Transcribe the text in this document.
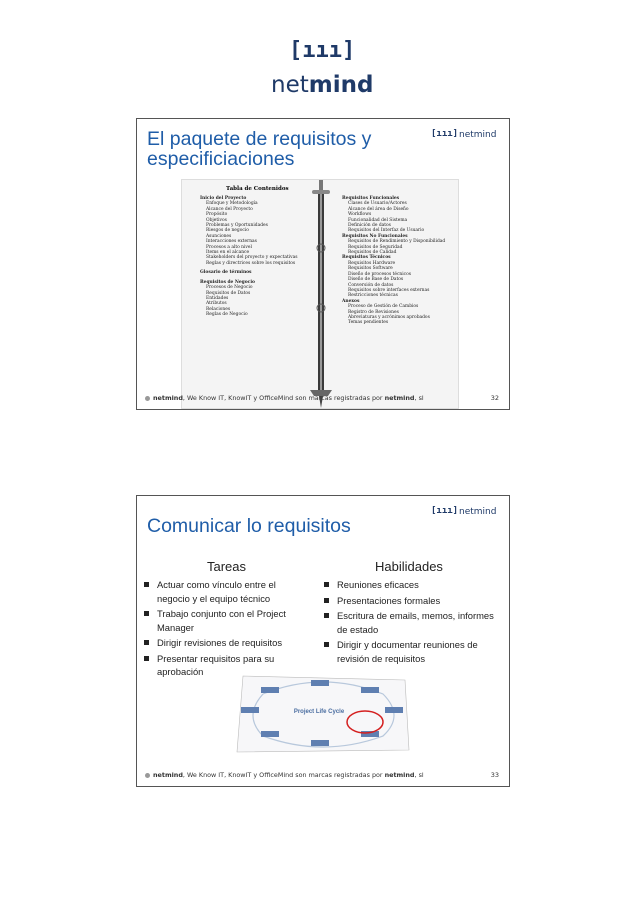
[ııı]
netmind
El paquete de requisitos y
especificiaciones
[ııı] netmind
Tabla de Contenidos
Inicio del Proyecto
Enfoque y Metodología
Alcance del Proyecto
Propósito
Objetivos
Problemas y Oportunidades
Riesgos de negocio
Asunciones
Interacciones externas
Procesos a alto nivel
Items en el alcance
Stakeholders del proyecto y expectativas
Reglas y directrices sobre los requisitos
Glosario de términos
Requisitos de Negocio
Procesos de Negocio
Requisitos de Datos
Entidades
Atributos
Relaciones
Reglas de Negocio
Requisitos Funcionales
Clases de Usuario/Actores
Alcance del área de Diseño
Workflows
Funcionalidad del Sistema
Definición de datos
Requisitos del Interfaz de Usuario
Requisitos No Funcionales
Requisitos de Rendimiento y Disponibilidad
Requisitos de Seguridad
Requisitos de Calidad
Requisitos Técnicos
Requisitos Hardware
Requisitos Software
Diseño de procesos técnicos
Diseño de Base de Datos
Conversión de datos
Requisitos sobre interfaces externas
Restricciones técnicas
Anexos
Proceso de Gestión de Cambios
Registro de Revisiones
Abreviaturas y acrónimos aprobados
Temas pendientes
netmind, We Know IT, KnowIT y OfficeMind son marcas registradas por netmind, sl	32
Comunicar lo requisitos
[ııı] netmind
Tareas	Habilidades
Actuar como vínculo entre el negocio y el equipo técnico
Trabajo conjunto con el Project Manager
Dirigir revisiones de requisitos
Presentar requisitos para su aprobación
Reuniones eficaces
Presentaciones formales
Escritura de emails, memos, informes de estado
Dirigir y documentar reuniones de revisión de requisitos
Project Life Cycle
netmind, We Know IT, KnowIT y OfficeMind son marcas registradas por netmind, sl	33
